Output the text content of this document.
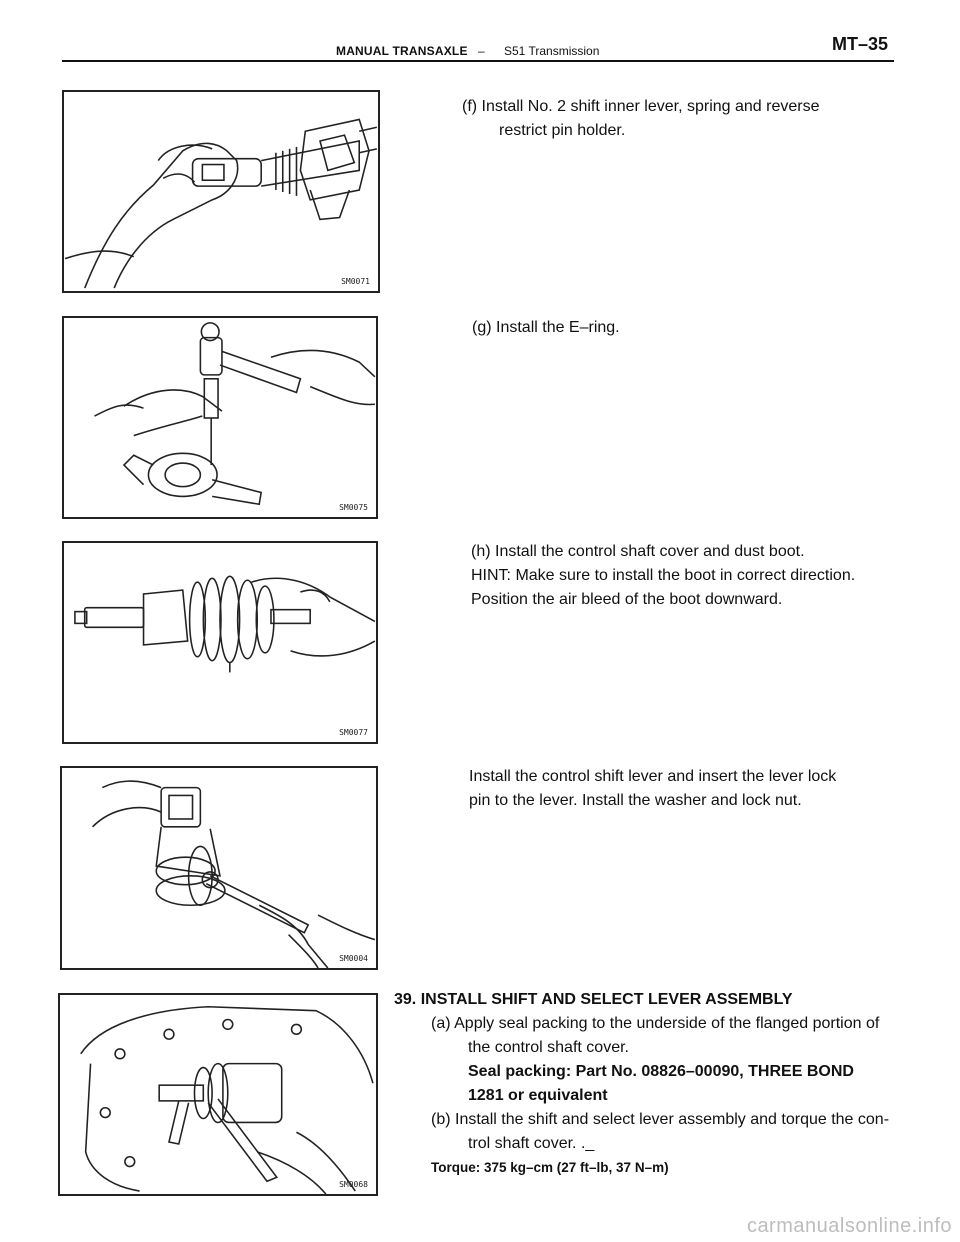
MANUAL TRANSAXLE – S51 Transmission	MT–35
SM0071
(f) Install No. 2 shift inner lever, spring and reverse
restrict pin holder.
SM0075
(g) Install the E–ring.
SM0077
(h) Install the control shaft cover and dust boot.
HINT: Make sure to install the boot in correct direction.
Position the air bleed of the boot downward.
SM0004
Install the control shift lever and insert the lever lock
pin to the lever. Install the washer and lock nut.
SM0068
39. INSTALL SHIFT AND SELECT LEVER ASSEMBLY
(a) Apply seal packing to the underside of the flanged portion of
the control shaft cover.
Seal packing: Part No. 08826–00090, THREE BOND
1281 or equivalent
(b) Install the shift and select lever assembly and torque the con-
trol shaft cover. ._
Torque: 375 kg–cm (27 ft–lb, 37 N–m)
carmanualsonline.info
